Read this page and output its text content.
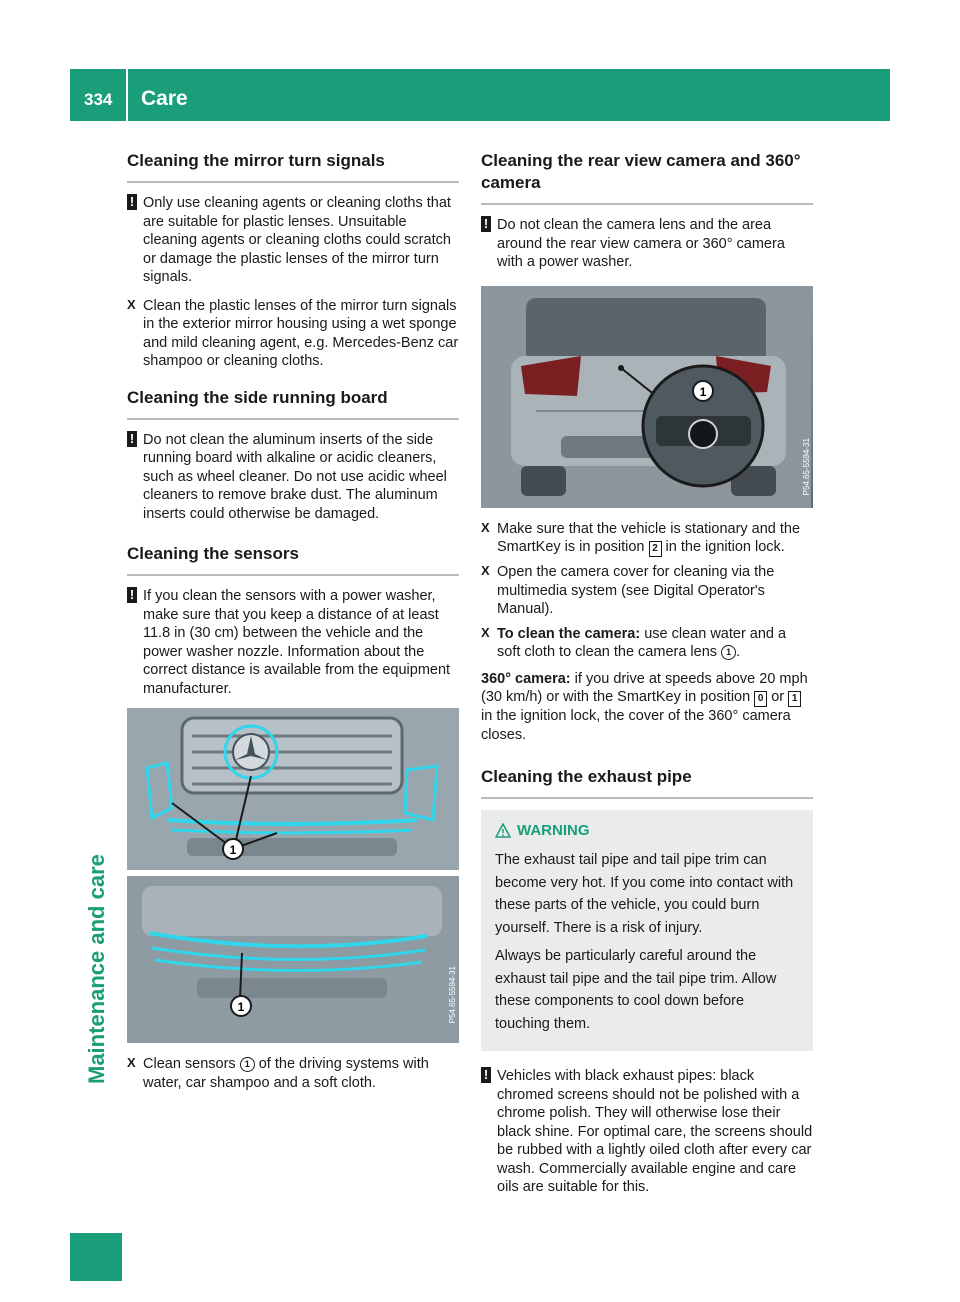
334 Care
Maintenance and care
Cleaning the mirror turn signals
! Only use cleaning agents or cleaning cloths that are suitable for plastic lenses. Unsuitable cleaning agents or cleaning cloths could scratch or damage the plastic lenses of the mirror turn signals.

X Clean the plastic lenses of the mirror turn signals in the exterior mirror housing using a wet sponge and mild cleaning agent, e.g. Mercedes-Benz car shampoo or cleaning cloths.

Cleaning the side running board
! Do not clean the aluminum inserts of the side running board with alkaline or acidic cleaners, such as wheel cleaner. Do not use acidic wheel cleaners to remove brake dust. The aluminum inserts could otherwise be damaged.

Cleaning the sensors
! If you clean the sensors with a power washer, make sure that you keep a distance of at least 11.8 in (30 cm) between the vehicle and the power washer nozzle. Information about the correct distance is available from the equipment manufacturer.

1
1	P54.65-5594-31
X Clean sensors 1 of the driving systems with water, car shampoo and a soft cloth.

Cleaning the rear view camera and 360° camera
! Do not clean the camera lens and the area around the rear view camera or 360° camera with a power washer.

1
P54.65-5594-31
X Make sure that the vehicle is stationary and the SmartKey is in position 2 in the ignition lock.

X Open the camera cover for cleaning via the multimedia system (see Digital Operator's Manual).

X To clean the camera: use clean water and a soft cloth to clean the camera lens 1 .

360° camera: if you drive at speeds above 20 mph (30 km/h) or with the SmartKey in position 0 or 1 in the ignition lock, the cover of the 360° camera closes.

Cleaning the exhaust pipe
WARNING

The exhaust tail pipe and tail pipe trim can become very hot. If you come into contact with these parts of the vehicle, you could burn yourself. There is a risk of injury.

Always be particularly careful around the exhaust tail pipe and the tail pipe trim. Allow these components to cool down before touching them.

! Vehicles with black exhaust pipes: black chromed screens should not be polished with a chrome polish. They will otherwise lose their black shine. For optimal care, the screens should be rubbed with a lightly oiled cloth after every car wash. Commercially available engine and care oils are suitable for this.
